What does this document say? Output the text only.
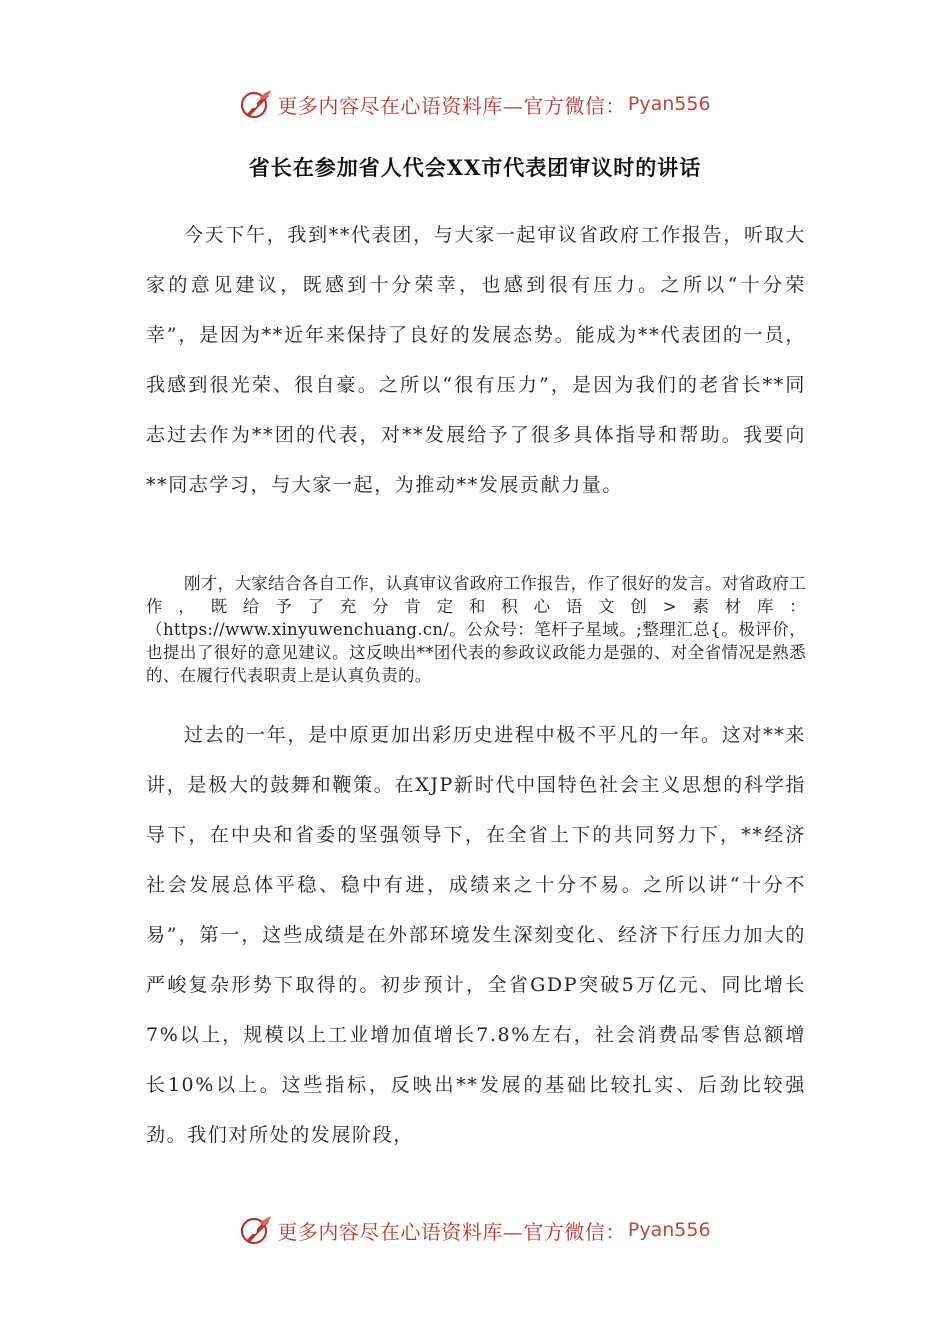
更多内容尽在心语资料库—官方微信： Pyan556
省长在参加省人代会XX市代表团审议时的讲话

今天下午，我到**代表团，与大家一起审议省政府工作报告，听取大家的意见建议，既感到十分荣幸，也感到很有压力。之所以“十分荣幸”，是因为**近年来保持了良好的发展态势。能成为**代表团的一员，我感到很光荣、很自豪。之所以“很有压力”，是因为我们的老省长**同志过去作为**团的代表，对**发展给予了很多具体指导和帮助。我要向**同志学习，与大家一起，为推动**发展贡献力量。

刚才，大家结合各自工作，认真审议省政府工作报告，作了很好的发言。对省政府工作，既给予了充分肯定和积心语文创>素材库：（https://www.xinyuwenchuang.cn/。公众号：笔杆子星域。;整理汇总{。极评价，也提出了很好的意见建议。这反映出**团代表的参政议政能力是强的、对全省情况是熟悉的、在履行代表职责上是认真负责的。

过去的一年，是中原更加出彩历史进程中极不平凡的一年。这对**来讲，是极大的鼓舞和鞭策。在XJP新时代中国特色社会主义思想的科学指导下，在中央和省委的坚强领导下，在全省上下的共同努力下，**经济社会发展总体平稳、稳中有进，成绩来之十分不易。之所以讲“十分不易”，第一，这些成绩是在外部环境发生深刻变化、经济下行压力加大的严峻复杂形势下取得的。初步预计，全省GDP突破5万亿元、同比增长7%以上，规模以上工业增加值增长7.8%左右，社会消费品零售总额增长10%以上。这些指标，反映出**发展的基础比较扎实、后劲比较强劲。我们对所处的发展阶段，

更多内容尽在心语资料库—官方微信： Pyan556
